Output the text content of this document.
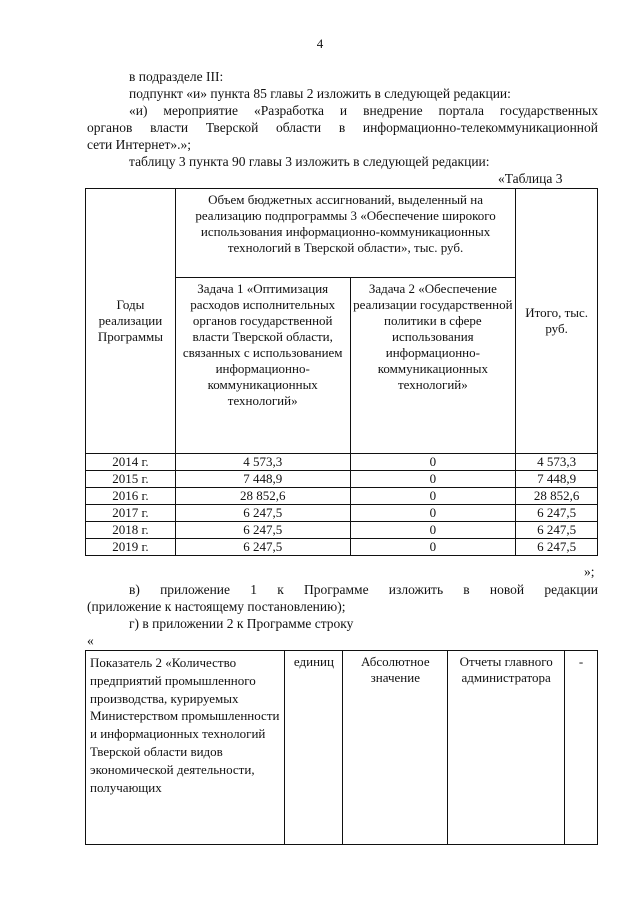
4
в подразделе III:
подпункт «и» пункта 85 главы 2 изложить в следующей редакции:
«и) мероприятие «Разработка и внедрение портала государственных
органов власти Тверской области в информационно-телекоммуникационной
сети Интернет».»;
таблицу 3 пункта 90 главы 3 изложить в следующей редакции:
«Таблица 3
Годы реализации Программы	Объем бюджетных ассигнований, выделенный на реализацию подпрограммы 3 «Обеспечение широкого использования информационно-коммуникационных технологий в Тверской области», тыс. руб.		Итого, тыс. руб.
	Задача 1 «Оптимизация расходов исполнительных органов государственной власти Тверской области, связанных с использованием информационно-коммуникационных технологий»	Задача 2 «Обеспечение реализации государственной политики в сфере использования информационно-коммуникационных технологий»	
2014 г.	4 573,3	0	4 573,3
2015 г.	7 448,9	0	7 448,9
2016 г.	28 852,6	0	28 852,6
2017 г.	6 247,5	0	6 247,5
2018 г.	6 247,5	0	6 247,5
2019 г.	6 247,5	0	6 247,5
»;
в) приложение 1 к Программе изложить в новой редакции
(приложение к настоящему постановлению);
г) в приложении 2 к Программе строку
«
Показатель 2 «Количество предприятий промышленного производства, курируемых Министерством промышленности и информационных технологий Тверской области видов экономической деятельности, получающих	единиц	Абсолютное значение	Отчеты главного администратора	-
